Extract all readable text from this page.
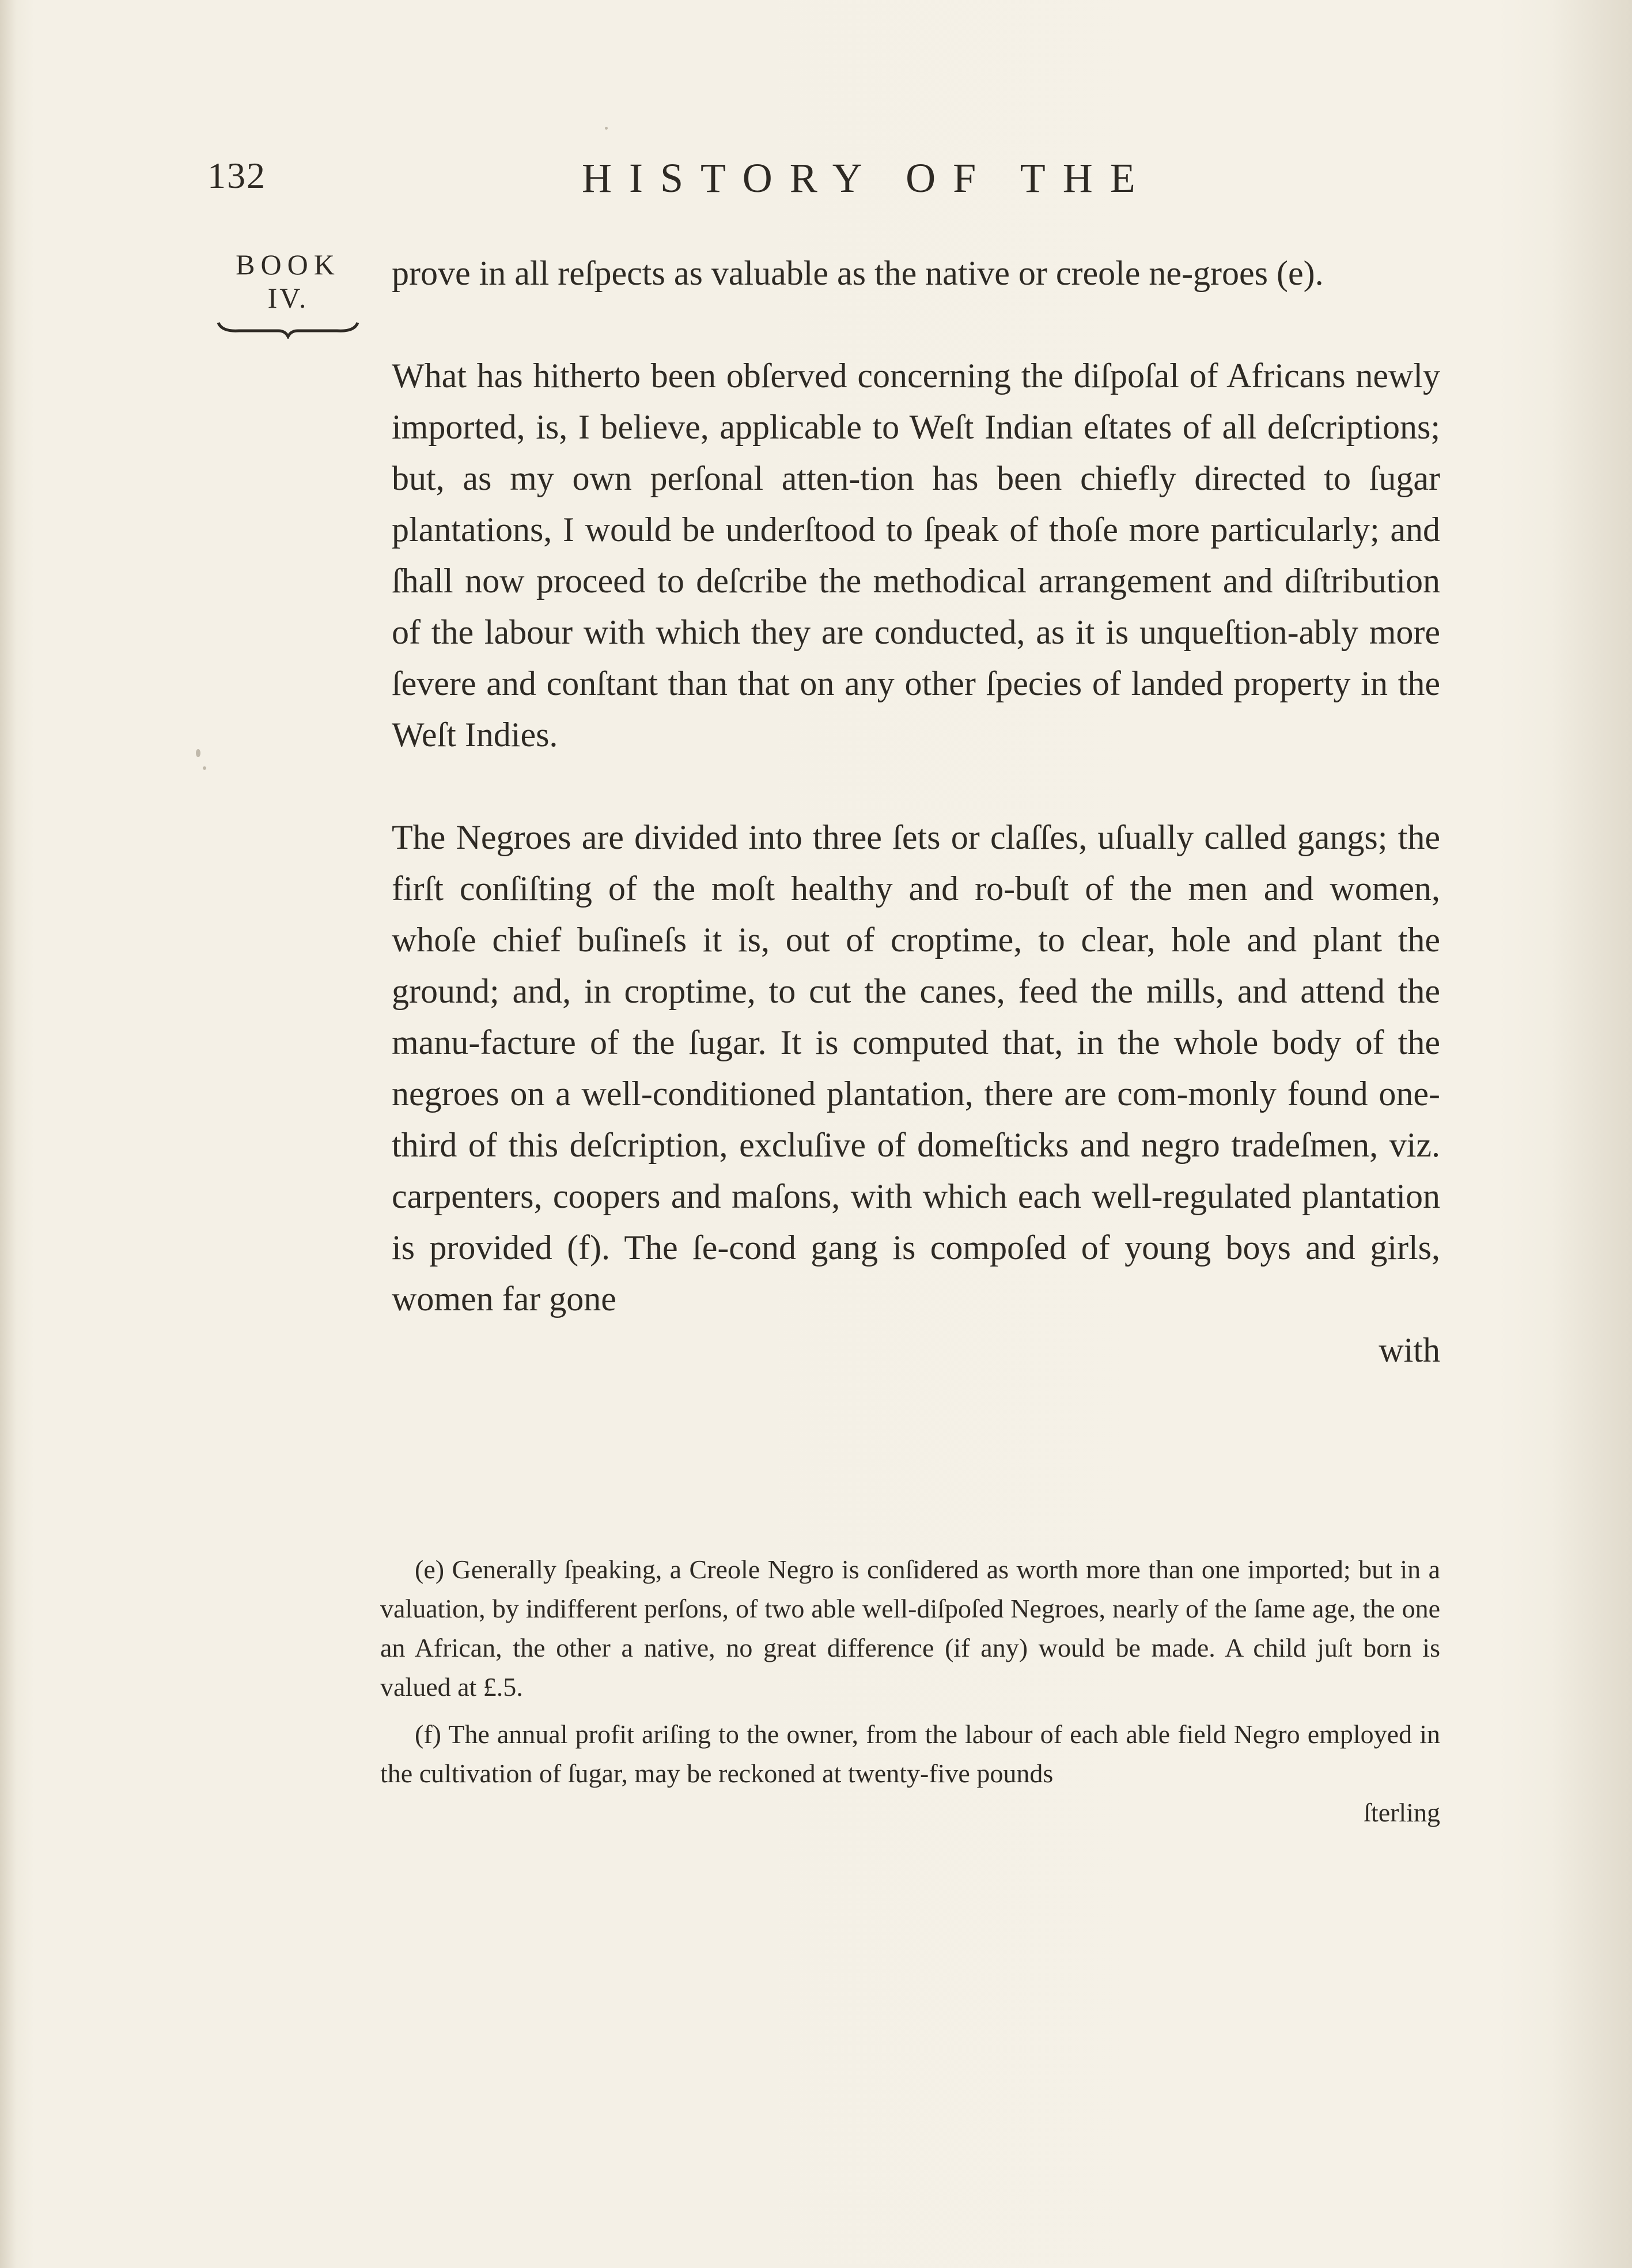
132	HISTORY OF THE
BOOK
IV.

prove in all reſpects as valuable as the native or creole ne-groes (e).

What has hitherto been obſerved concerning the diſpoſal of Africans newly imported, is, I believe, applicable to Weſt Indian eſtates of all deſcriptions; but, as my own perſonal atten-tion has been chiefly directed to ſugar plantations, I would be underſtood to ſpeak of thoſe more particularly; and ſhall now proceed to deſcribe the methodical arrangement and diſtribution of the labour with which they are conducted, as it is unqueſtion-ably more ſevere and conſtant than that on any other ſpecies of landed property in the Weſt Indies.

The Negroes are divided into three ſets or claſſes, uſually called gangs; the firſt conſiſting of the moſt healthy and ro-buſt of the men and women, whoſe chief buſineſs it is, out of croptime, to clear, hole and plant the ground; and, in croptime, to cut the canes, feed the mills, and attend the manu-facture of the ſugar. It is computed that, in the whole body of the negroes on a well-conditioned plantation, there are com-monly found one-third of this deſcription, excluſive of domeſticks and negro tradeſmen, viz. carpenters, coopers and maſons, with which each well-regulated plantation is provided (f). The ſe-cond gang is compoſed of young boys and girls, women far gone

with

(e) Generally ſpeaking, a Creole Negro is conſidered as worth more than one imported; but in a valuation, by indifferent perſons, of two able well-diſpoſed Negroes, nearly of the ſame age, the one an African, the other a native, no great difference (if any) would be made. A child juſt born is valued at £.5.

(f) The annual profit ariſing to the owner, from the labour of each able field Negro employed in the cultivation of ſugar, may be reckoned at twenty-five pounds

ſterling
